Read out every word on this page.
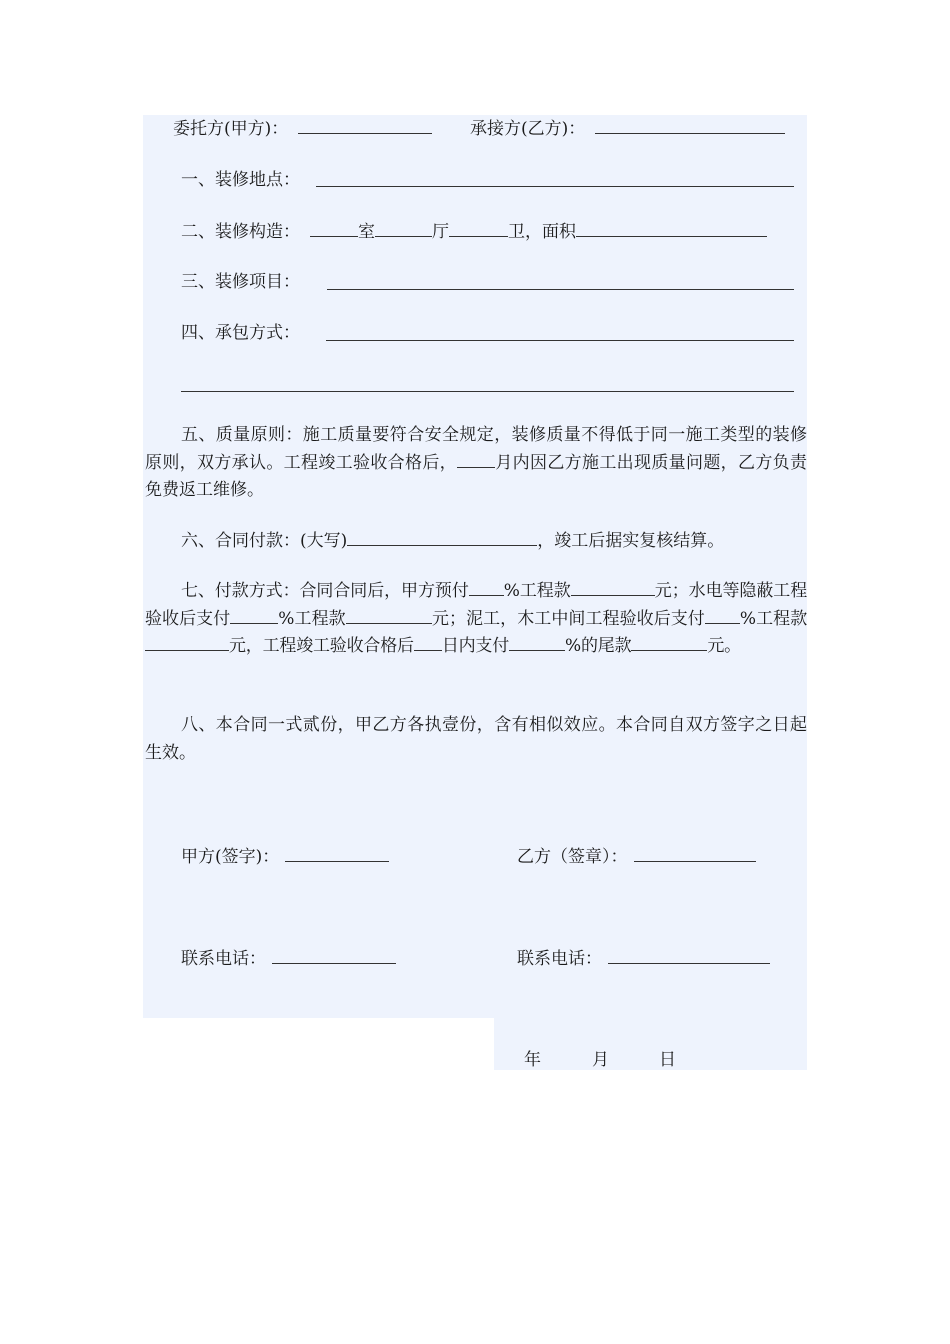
委托方(甲方)：	承接方(乙方)：
一、装修地点：
二、装修构造：	室	厅	卫，面积
三、装修项目：
四、承包方式：
五、质量原则：施工质量要符合安全规定，装修质量不得低于同一施工类型的装修原则，双方承认。工程竣工验收合格后， 月内因乙方施工出现质量问题，乙方负责免费返工维修。
六、合同付款：(大写)	，竣工后据实复核结算。
七、付款方式：合同合同后，甲方预付 %工程款	元；水电等隐蔽工程验收后支付	%工程款	元；泥工，木工中间工程验收后支付 %工程款元，工程竣工验收合格后 日内支付	%的尾款	元。
八、本合同一式贰份，甲乙方各执壹份，含有相似效应。本合同自双方签字之日起生效。
甲方(签字)：	乙方（签章）：
联系电话：	联系电话：
年	月	日
